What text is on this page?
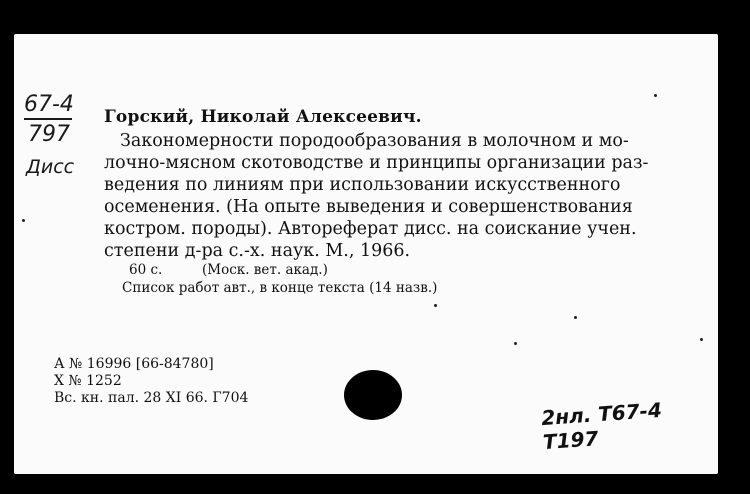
67-4
797
Дисс
Горский, Николай Алексеевич.
Закономерности породообразования в молочном и мо-
лочно-мясном скотоводстве и принципы организации раз-
ведения по линиям при использовании искусственного
осеменения. (На опыте выведения и совершенствования
костром. породы). Автореферат дисс. на соискание учен.
степени д-ра с.-х. наук. М., 1966.
60 с.	(Моск. вет. акад.)
Список работ авт., в конце текста (14 назв.)
А № 16996 [66-84780]
Х № 1252
Вс. кн. пал. 28 XI 66. Г704	2нл. Т67-4 Т197
